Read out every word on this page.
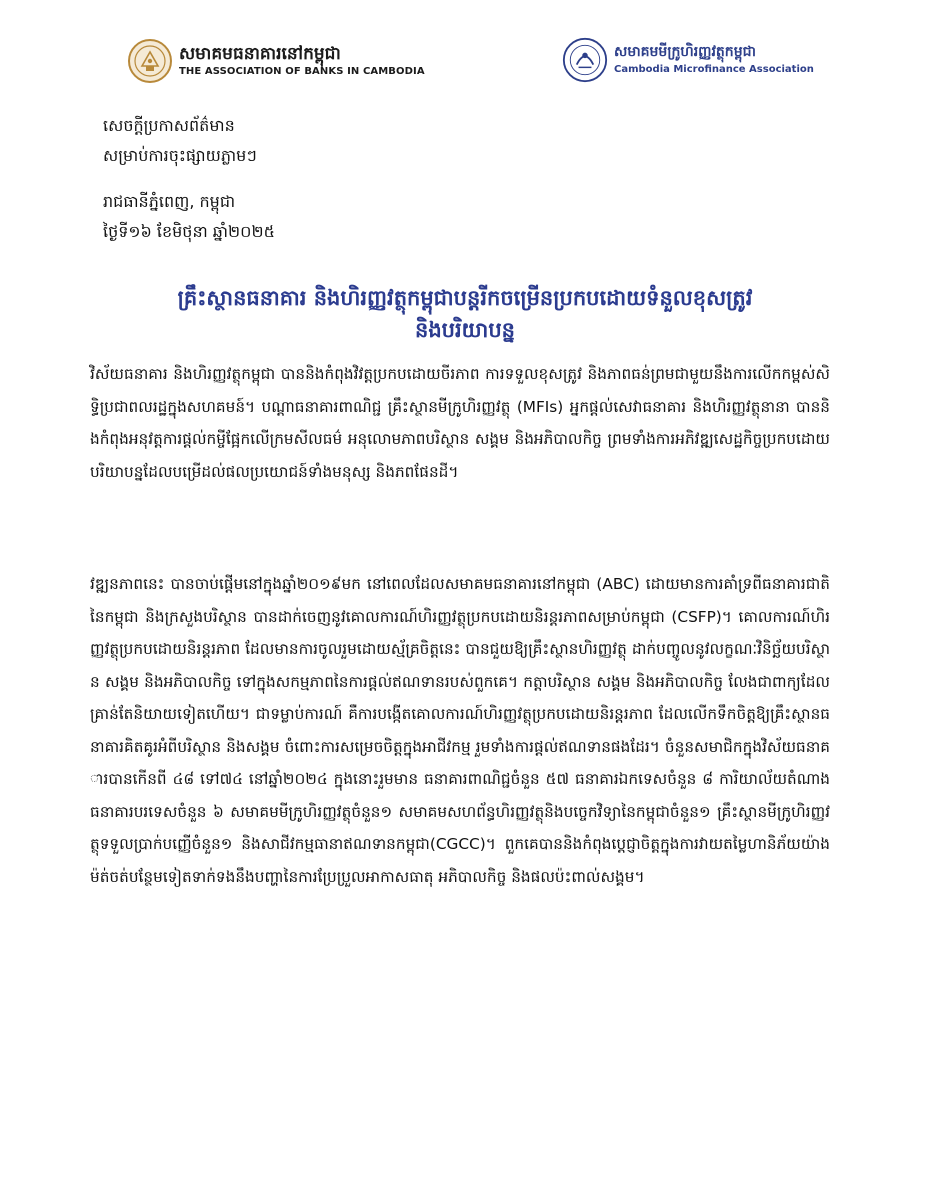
សមាគមធនាគារនៅកម្ពុជា
THE ASSOCIATION OF BANKS IN CAMBODIA
សមាគមមីក្រូហិរញ្ញវត្ថុកម្ពុជា
Cambodia Microfinance Association
សេចក្តីប្រកាសព័ត៌មាន
សម្រាប់ការចុះផ្សាយភ្លាមៗ
រាជធានីភ្នំពេញ, កម្ពុជា
ថ្ងៃទី១៦ ខែមិថុនា ឆ្នាំ២០២៥
គ្រឹះស្ថានធនាគារ និងហិរញ្ញវត្ថុកម្ពុជាបន្តរីកចម្រើនប្រកបដោយទំនួលខុសត្រូវ
និងបរិយាបន្ន

វិស័យធនាគារ និងហិរញ្ញវត្ថុកម្ពុជា បាននិងកំពុងវិវត្តប្រកបដោយចីរភាព ការទទួលខុសត្រូវ និងភាពធន់ព្រមជាមួយនឹងការលើកកម្ពស់សិទ្ធិប្រជាពលរដ្ឋក្នុងសហគមន៍។ បណ្តាធនាគារពាណិជ្ជ គ្រឹះស្ថានមីក្រូហិរញ្ញវត្ថុ (MFIs) អ្នកផ្តល់សេវាធនាគារ និងហិរញ្ញវត្ថុនានា បាននិងកំពុងអនុវត្តការផ្តល់កម្ចីផ្អែកលើក្រមសីលធម៌ អនុលោមភាពបរិស្ថាន សង្គម និងអភិបាលកិច្ច ព្រមទាំងការអភិវឌ្ឍសេដ្ឋកិច្ចប្រកបដោយបរិយាបន្នដែលបម្រើដល់ផលប្រយោជន៍ទាំងមនុស្ស និងភពផែនដី។

វឌ្ឍនភាពនេះ បានចាប់ផ្តើមនៅក្នុងឆ្នាំ២០១៩មក នៅពេលដែលសមាគមធនាគារនៅកម្ពុជា (ABC) ដោយមានការគាំទ្រពីធនាគារជាតិនៃកម្ពុជា និងក្រសួងបរិស្ថាន បានដាក់ចេញនូវគោលការណ៍ហិរញ្ញវត្ថុប្រកបដោយនិរន្តរភាពសម្រាប់កម្ពុជា (CSFP)។ គោលការណ៍ហិរញ្ញវត្ថុប្រកបដោយនិរន្តរភាព ដែលមានការចូលរួមដោយស្ម័គ្រចិត្តនេះ បានជួយឱ្យគ្រឹះស្ថានហិរញ្ញវត្ថុ ដាក់បញ្ចូលនូវលក្ខណៈវិនិច្ឆ័យបរិស្ថាន សង្គម និងអភិបាលកិច្ច ទៅក្នុងសកម្មភាពនៃការផ្តល់ឥណទានរបស់ពួកគេ។ កត្តាបរិស្ថាន សង្គម និងអភិបាលកិច្ច លែងជាពាក្យដែលគ្រាន់តែនិយាយទៀតហើយ។ ជាទម្លាប់ការណ៍ គឺការបង្កើតគោលការណ៍ហិរញ្ញវត្ថុប្រកបដោយនិរន្តរភាព ដែលលើកទឹកចិត្តឱ្យគ្រឹះស្ថានធនាគារគិតគូរអំពីបរិស្ថាន និងសង្គម ចំពោះការសម្រេចចិត្តក្នុងអាជីវកម្ម រួមទាំងការផ្តល់ឥណទានផងដែរ។ ចំនួនសមាជិកក្នុងវិស័យធនាគារបានកើនពី ៤៨ ទៅ៧៤ នៅឆ្នាំ២០២៤ ក្នុងនោះរួមមាន ធនាគារពាណិជ្ជចំនួន ៥៧ ធនាគារឯកទេសចំនួន ៨ ការិយាល័យតំណាងធនាគារបរទេសចំនួន ៦ សមាគមមីក្រូហិរញ្ញវត្ថុចំនួន១ សមាគមសហព័ន្ធហិរញ្ញវត្ថុនិងបច្ចេកវិទ្យានៃកម្ពុជាចំនួន១ គ្រឹះស្ថានមីក្រូហិរញ្ញវត្ថុទទួលប្រាក់បញ្ញើចំនួន១ និងសាជីវកម្មធានាឥណទានកម្ពុជា(CGCC)។ ពួកគេបាននិងកំពុងប្តេជ្ញាចិត្តក្នុងការវាយតម្លៃហានិភ័យយ៉ាងម៉ត់ចត់បន្ថែមទៀតទាក់ទងនឹងបញ្ហានៃការប្រែប្រួលអាកាសធាតុ អភិបាលកិច្ច និងផលប៉ះពាល់សង្គម។
